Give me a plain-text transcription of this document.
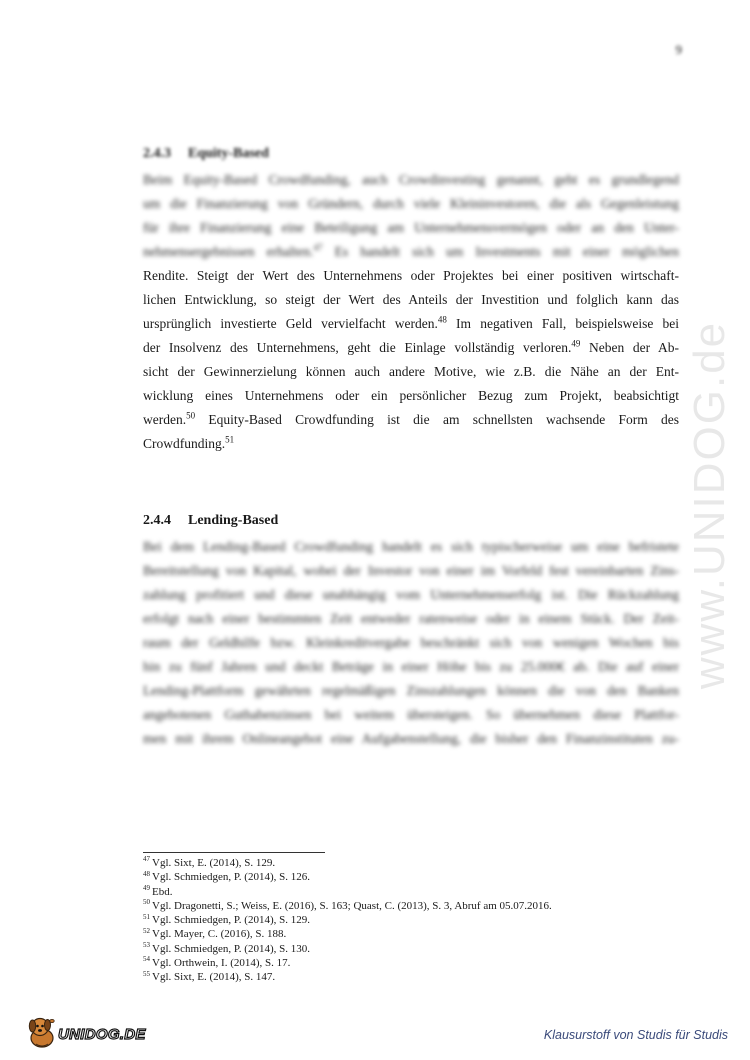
9
2.4.3 Equity-Based
Beim Equity-Based Crowdfunding, auch Crowdinvesting genannt, geht es grundlegend
um die Finanzierung von Gründern, durch viele Kleininvestoren, die als Gegenleistung
für ihre Finanzierung eine Beteiligung am Unternehmensvermögen oder an den Unter-
nehmensergebnissen erhalten.$^{47}$ Es handelt sich um Investments mit einer möglichen
Rendite. Steigt der Wert des Unternehmens oder Projektes bei einer positiven wirtschaft-
lichen Entwicklung, so steigt der Wert des Anteils der Investition und folglich kann das
ursprünglich investierte Geld vervielfacht werden.$^{48}$ Im negativen Fall, beispielsweise bei
der Insolvenz des Unternehmens, geht die Einlage vollständig verloren.$^{49}$ Neben der Ab-
sicht der Gewinnerzielung können auch andere Motive, wie z.B. die Nähe an der Ent-
wicklung eines Unternehmens oder ein persönlicher Bezug zum Projekt, beabsichtigt
werden.$^{50}$ Equity-Based Crowdfunding ist die am schnellsten wachsende Form des
Crowdfunding.$^{51}$
2.4.4 Lending-Based
Bei dem Lending-Based Crowdfunding handelt es sich typischerweise um eine befristete
Bereitstellung von Kapital, wobei der Investor von einer im Vorfeld fest vereinbarten Zins-
zahlung profitiert und diese unabhängig vom Unternehmenserfolg ist. Die Rückzahlung
erfolgt nach einer bestimmten Zeit entweder ratenweise oder in einem Stück. Der Zeit-
raum der Geldhilfe bzw. Kleinkreditvergabe beschränkt sich von wenigen Wochen bis
hin zu fünf Jahren und deckt Beträge in einer Höhe bis zu 25.000€ ab. Die auf einer
Lending-Plattform gewährten regelmäßigen Zinszahlungen können die von den Banken
angebotenen Guthabenzinsen bei weitem übersteigen. So übernehmen diese Plattfor-
men mit ihrem Onlineangebot eine Aufgabenstellung, die bisher den Finanzinstituten zu-
$^{47}$ Vgl. Sixt, E. (2014), S. 129.
$^{48}$ Vgl. Schmiedgen, P. (2014), S. 126.
$^{49}$ Ebd.
$^{50}$ Vgl. Dragonetti, S.; Weiss, E. (2016), S. 163; Quast, C. (2013), S. 3, Abruf am 05.07.2016.
$^{51}$ Vgl. Schmiedgen, P. (2014), S. 129.
$^{52}$ Vgl. Mayer, C. (2016), S. 188.
$^{53}$ Vgl. Schmiedgen, P. (2014), S. 130.
$^{54}$ Vgl. Orthwein, I. (2014), S. 17.
$^{55}$ Vgl. Sixt, E. (2014), S. 147.
www.UNIDOG.de
UNIDOG.DE	Klausurstoff von Studis für Studis
